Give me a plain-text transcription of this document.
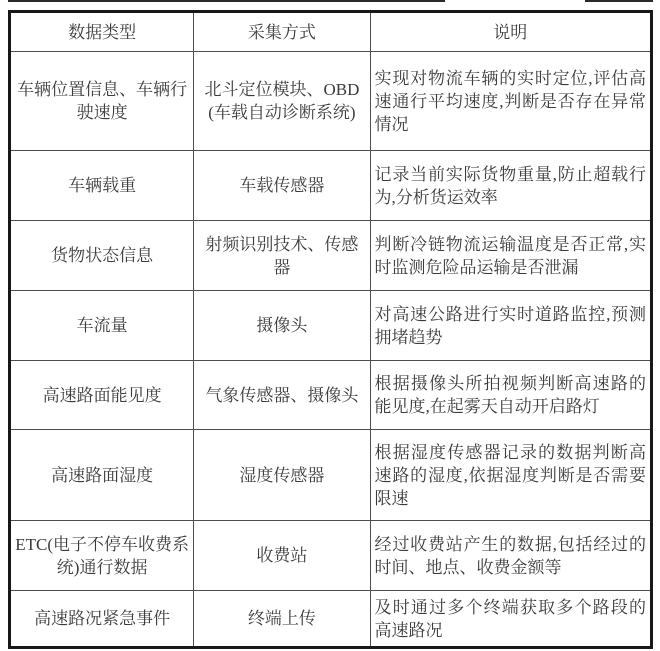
数据类型	采集方式	说明
车辆位置信息、车辆行驶速度	北斗定位模块、OBD (车载自动诊断系统)	实现对物流车辆的实时定位,评估高速通行平均速度,判断是否存在异常情况
车辆载重	车载传感器	记录当前实际货物重量,防止超载行为,分析货运效率
货物状态信息	射频识别技术、传感器	判断冷链物流运输温度是否正常,实时监测危险品运输是否泄漏
车流量	摄像头	对高速公路进行实时道路监控,预测拥堵趋势
高速路面能见度	气象传感器、摄像头	根据摄像头所拍视频判断高速路的能见度,在起雾天自动开启路灯
高速路面湿度	湿度传感器	根据湿度传感器记录的数据判断高速路的湿度,依据湿度判断是否需要限速
ETC(电子不停车收费系统)通行数据	收费站	经过收费站产生的数据,包括经过的时间、地点、收费金额等
高速路况紧急事件	终端上传	及时通过多个终端获取多个路段的高速路况
